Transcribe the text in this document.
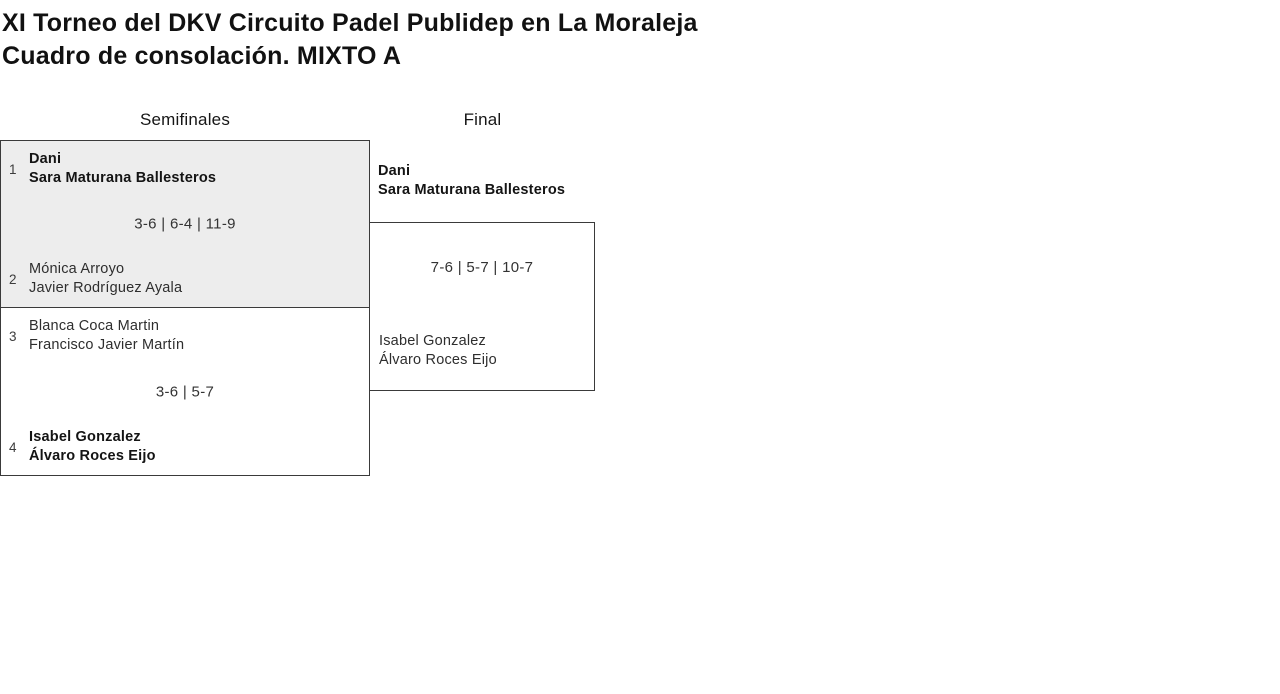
XI Torneo del DKV Circuito Padel Publidep en La Moraleja
Cuadro de consolación. MIXTO A
Semifinales	Final
1
Dani
Sara Maturana Ballesteros
3-6 | 6-4 | 11-9
2
Mónica Arroyo
Javier Rodríguez Ayala
3
Blanca Coca Martin
Francisco Javier Martín
3-6 | 5-7
4
Isabel Gonzalez
Álvaro Roces Eijo
Dani
Sara Maturana Ballesteros
7-6 | 5-7 | 10-7
Isabel Gonzalez
Álvaro Roces Eijo
